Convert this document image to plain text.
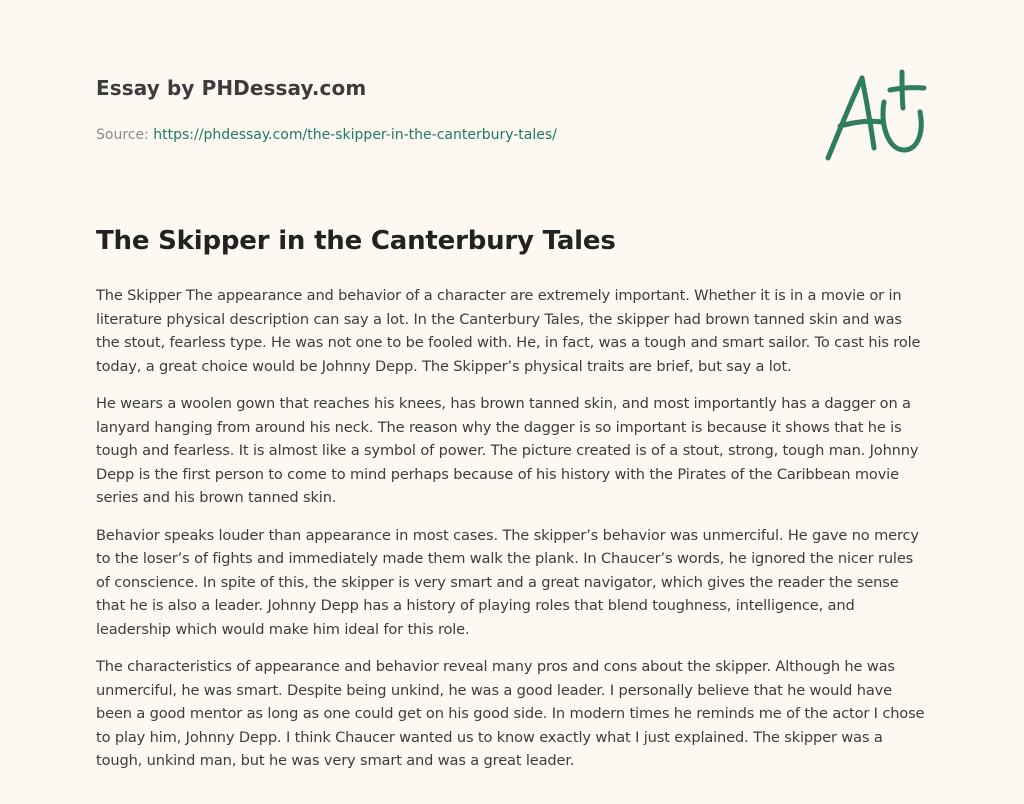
Essay by PHDessay.com
Source: https://phdessay.com/the-skipper-in-the-canterbury-tales/
The Skipper in the Canterbury Tales

The Skipper The appearance and behavior of a character are extremely important. Whether it is in a movie or in literature physical description can say a lot. In the Canterbury Tales, the skipper had brown tanned skin and was the stout, fearless type. He was not one to be fooled with. He, in fact, was a tough and smart sailor. To cast his role today, a great choice would be Johnny Depp. The Skipper’s physical traits are brief, but say a lot.

He wears a woolen gown that reaches his knees, has brown tanned skin, and most importantly has a dagger on a lanyard hanging from around his neck. The reason why the dagger is so important is because it shows that he is tough and fearless. It is almost like a symbol of power. The picture created is of a stout, strong, tough man. Johnny Depp is the first person to come to mind perhaps because of his history with the Pirates of the Caribbean movie series and his brown tanned skin.

Behavior speaks louder than appearance in most cases. The skipper’s behavior was unmerciful. He gave no mercy to the loser’s of fights and immediately made them walk the plank. In Chaucer’s words, he ignored the nicer rules of conscience. In spite of this, the skipper is very smart and a great navigator, which gives the reader the sense that he is also a leader. Johnny Depp has a history of playing roles that blend toughness, intelligence, and leadership which would make him ideal for this role.

The characteristics of appearance and behavior reveal many pros and cons about the skipper. Although he was unmerciful, he was smart. Despite being unkind, he was a good leader. I personally believe that he would have been a good mentor as long as one could get on his good side. In modern times he reminds me of the actor I chose to play him, Johnny Depp. I think Chaucer wanted us to know exactly what I just explained. The skipper was a tough, unkind man, but he was very smart and was a great leader.
